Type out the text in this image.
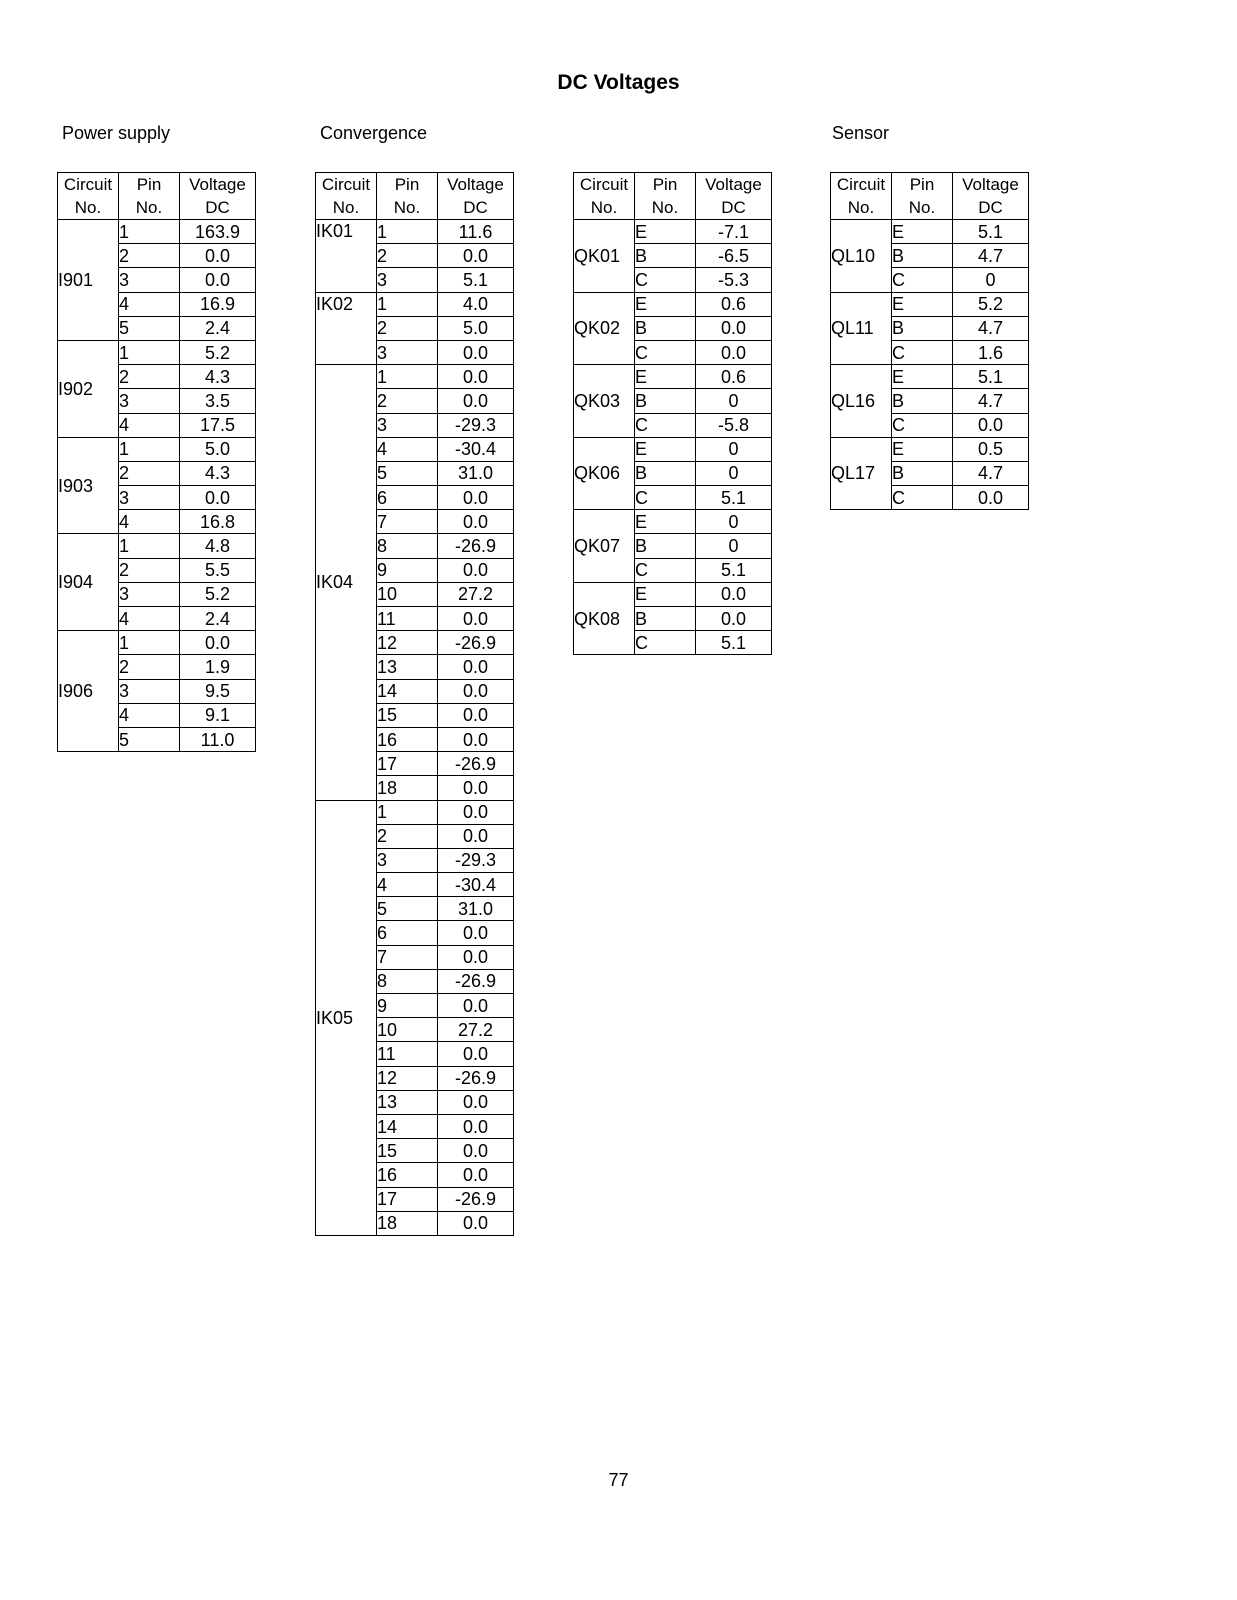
DC Voltages
Power supply	Convergence	Sensor
Circuit	Pin	Voltage
No.	No.	DC
I901	1	163.9
	2	0.0
	3	0.0
	4	16.9
	5	2.4
I902	1	5.2
	2	4.3
	3	3.5
	4	17.5
I903	1	5.0
	2	4.3
	3	0.0
	4	16.8
I904	1	4.8
	2	5.5
	3	5.2
	4	2.4
I906	1	0.0
	2	1.9
	3	9.5
	4	9.1
	5	11.0
Circuit	Pin	Voltage
No.	No.	DC
IK01	1	11.6
	2	0.0
	3	5.1
IK02	1	4.0
	2	5.0
	3	0.0
IK04	1	0.0
	2	0.0
	3	-29.3
	4	-30.4
	5	31.0
	6	0.0
	7	0.0
	8	-26.9
	9	0.0
	10	27.2
	11	0.0
	12	-26.9
	13	0.0
	14	0.0
	15	0.0
	16	0.0
	17	-26.9
	18	0.0
IK05	1	0.0
	2	0.0
	3	-29.3
	4	-30.4
	5	31.0
	6	0.0
	7	0.0
	8	-26.9
	9	0.0
	10	27.2
	11	0.0
	12	-26.9
	13	0.0
	14	0.0
	15	0.0
	16	0.0
	17	-26.9
	18	0.0
Circuit	Pin	Voltage
No.	No.	DC
QK01	E	-7.1
	B	-6.5
	C	-5.3
QK02	E	0.6
	B	0.0
	C	0.0
QK03	E	0.6
	B	0
	C	-5.8
QK06	E	0
	B	0
	C	5.1
QK07	E	0
	B	0
	C	5.1
QK08	E	0.0
	B	0.0
	C	5.1
Circuit	Pin	Voltage
No.	No.	DC
QL10	E	5.1
	B	4.7
	C	0
QL11	E	5.2
	B	4.7
	C	1.6
QL16	E	5.1
	B	4.7
	C	0.0
QL17	E	0.5
	B	4.7
	C	0.0
77
